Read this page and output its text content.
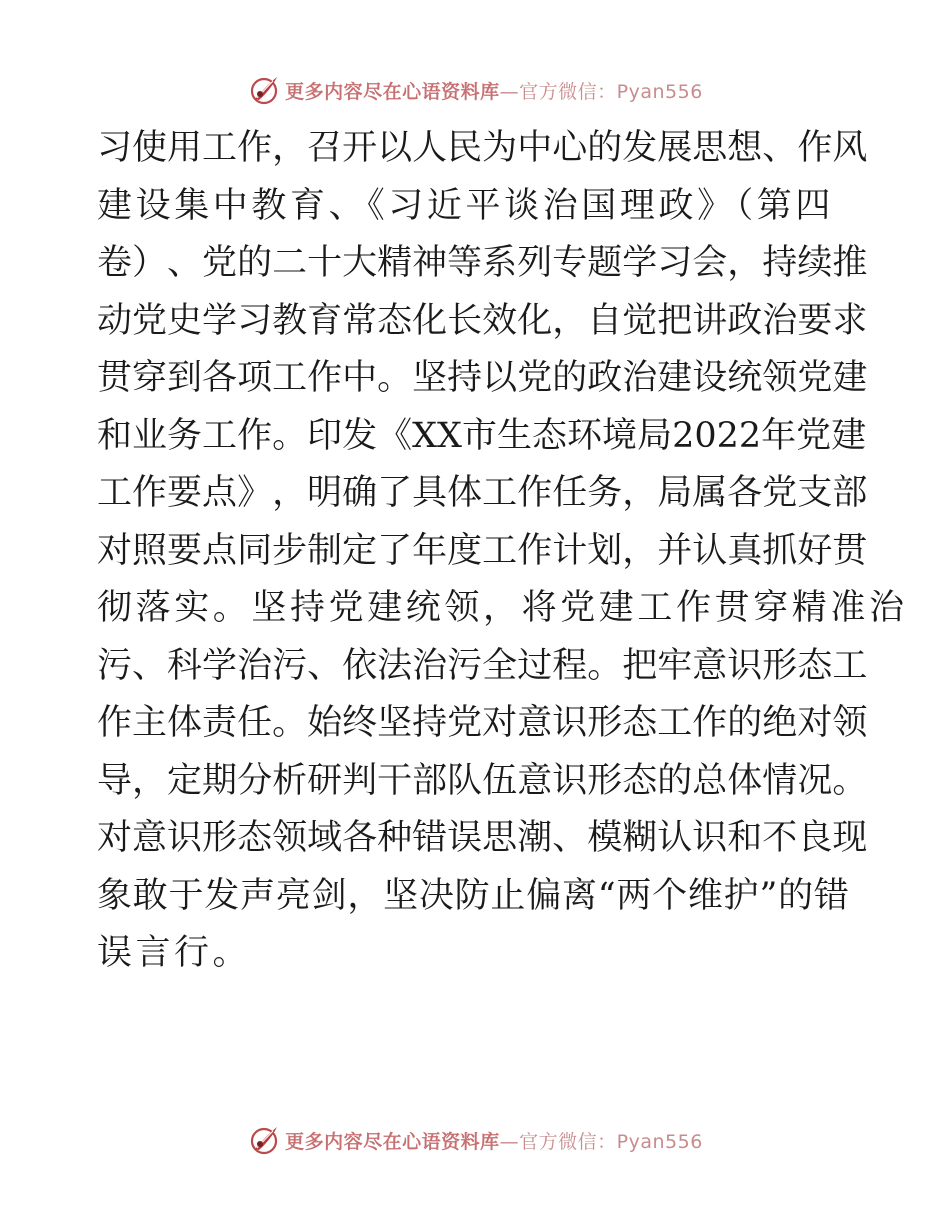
更多内容尽在心语资料库—官方微信：Pyan556
习 使 用 工 作 ， 召 开 以 人 民 为 中 心 的 发 展 思 想 、 作 风
建设集中教育、《习近平谈治国理政》（第四
卷 ） 、 党 的 二 十 大 精 神 等 系 列 专 题 学 习 会 ， 持 续 推
动 党 史 学 习 教 育 常 态 化 长 效 化 ， 自 觉 把 讲 政 治 要 求
贯 穿 到 各 项 工 作 中 。 坚 持 以 党 的 政 治 建 设 统 领 党 建
和 业 务 工 作 。 印 发 《 XX 市 生 态 环 境 局 2022 年 党 建
工 作 要 点 》 ， 明 确 了 具 体 工 作 任 务 ， 局 属 各 党 支 部
对 照 要 点 同 步 制 定 了 年 度 工 作 计 划 ， 并 认 真 抓 好 贯
彻落实。坚持党建统领，将党建工作贯穿精准治
污 、 科 学 治 污 、 依 法 治 污 全 过 程 。 把 牢 意 识 形 态 工
作 主 体 责 任 。 始 终 坚 持 党 对 意 识 形 态 工 作 的 绝 对 领
导 ， 定 期 分 析 研 判 干 部 队 伍 意 识 形 态 的 总 体 情 况 。
对 意 识 形 态 领 域 各 种 错 误 思 潮 、 模 糊 认 识 和 不 良 现
象 敢 于 发 声 亮 剑 ， 坚 决 防 止 偏 离 “ 两 个 维 护 ” 的 错
误言行。
更多内容尽在心语资料库—官方微信：Pyan556
